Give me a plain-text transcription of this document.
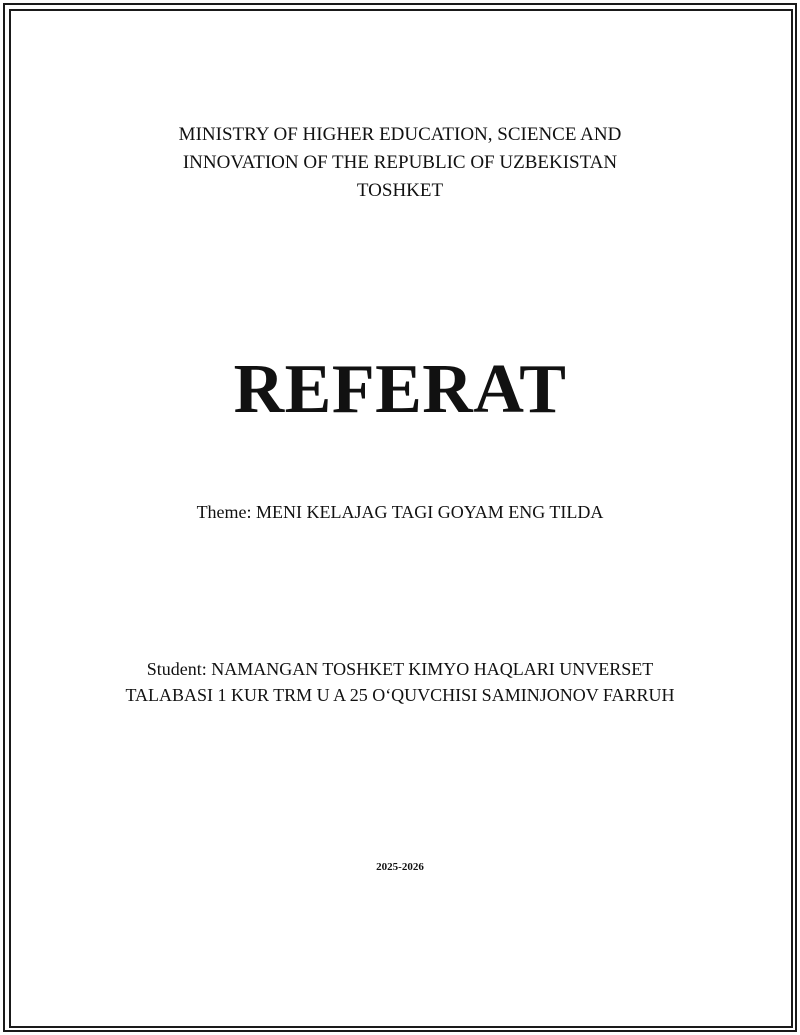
MINISTRY OF HIGHER EDUCATION, SCIENCE AND
INNOVATION OF THE REPUBLIC OF UZBEKISTAN
TOSHKET
REFERAT
Theme: MENI KELAJAG TAGI GOYAM ENG TILDA
Student: NAMANGAN TOSHKET KIMYO HAQLARI UNVERSET
TALABASI 1 KUR TRM U A 25 O‘QUVCHISI SAMINJONOV FARRUH
2025-2026
